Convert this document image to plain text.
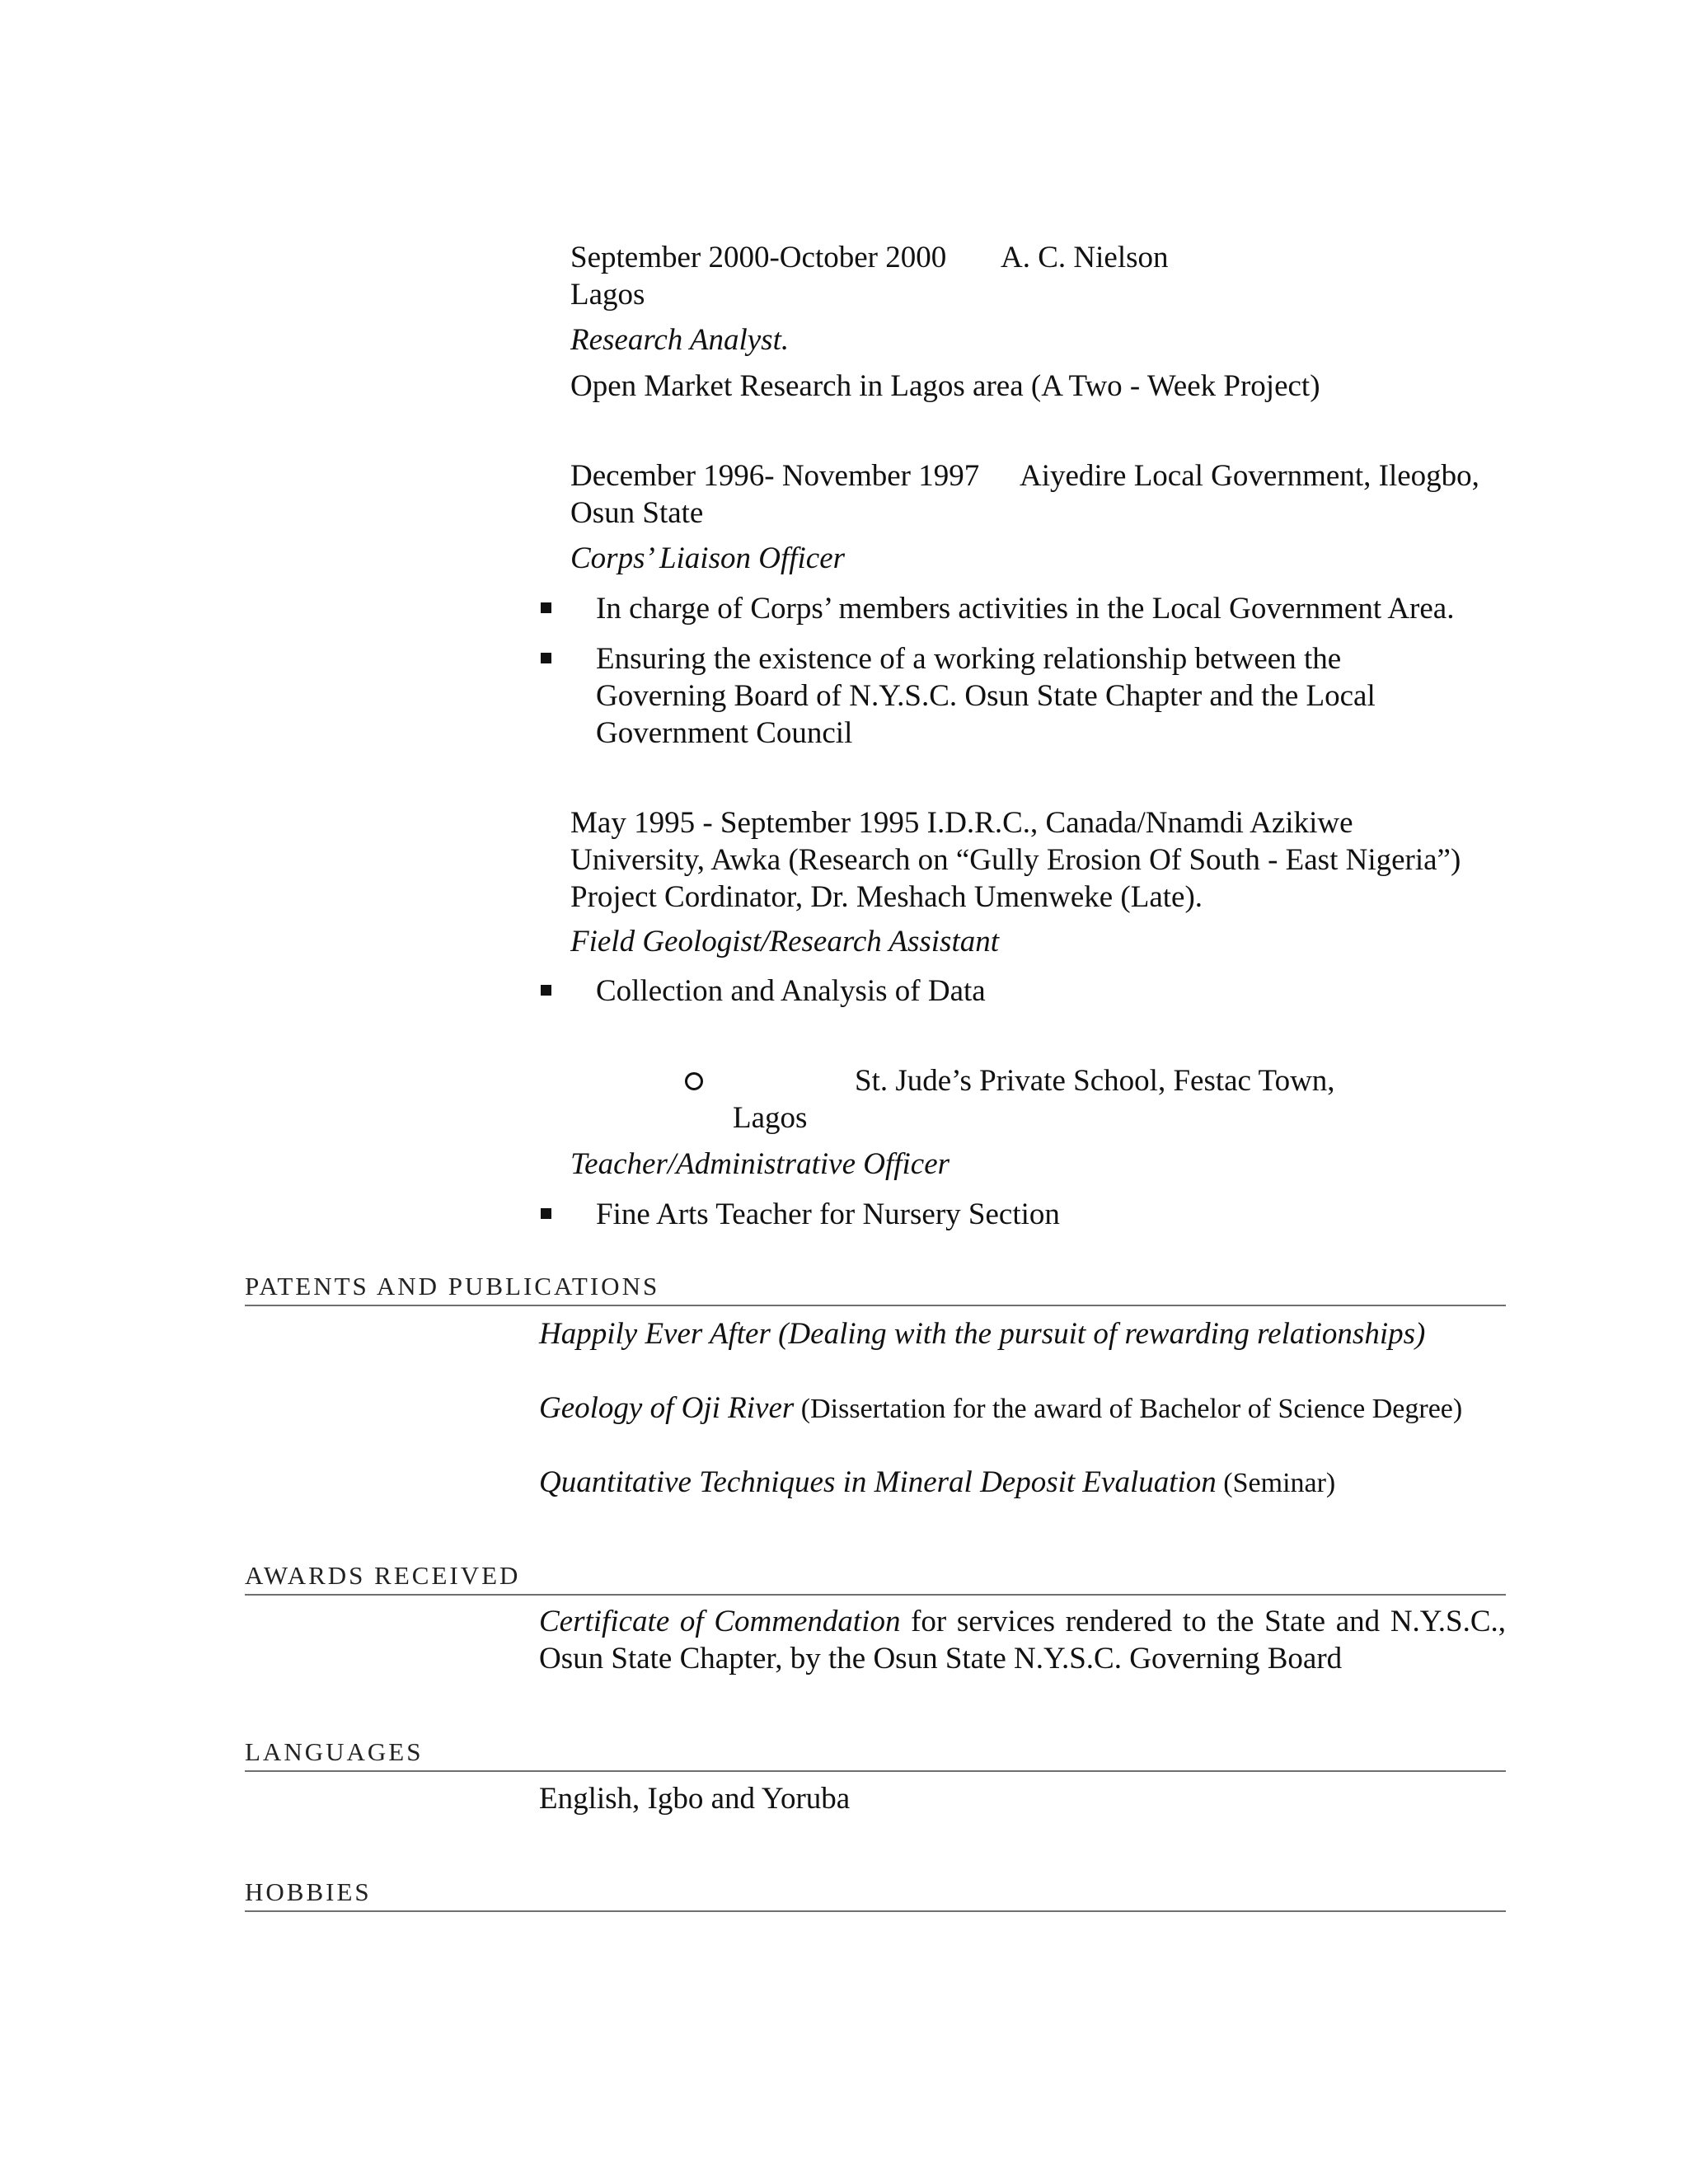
September 2000-October 2000 A. C. Nielson
Lagos
Research Analyst.
Open Market Research in Lagos area (A Two - Week Project)
December 1996- November 1997 Aiyedire Local Government, Ileogbo,
Osun State
Corps’ Liaison Officer
In charge of Corps’ members activities in the Local Government Area.
Ensuring the existence of a working relationship between the
Governing Board of N.Y.S.C. Osun State Chapter and the Local
Government Council
May 1995 - September 1995 I.D.R.C., Canada/Nnamdi Azikiwe
University, Awka (Research on “Gully Erosion Of South - East Nigeria”)
Project Cordinator, Dr. Meshach Umenweke (Late).
Field Geologist/Research Assistant
Collection and Analysis of Data
St. Jude’s Private School, Festac Town,
Lagos
Teacher/Administrative Officer
Fine Arts Teacher for Nursery Section
PATENTS AND PUBLICATIONS
Happily Ever After (Dealing with the pursuit of rewarding relationships)
Geology of Oji River (Dissertation for the award of Bachelor of Science Degree)
Quantitative Techniques in Mineral Deposit Evaluation (Seminar)
AWARDS RECEIVED
Certificate of Commendation for services rendered to the State and N.Y.S.C., Osun State Chapter, by the Osun State N.Y.S.C. Governing Board
LANGUAGES
English, Igbo and Yoruba
HOBBIES
